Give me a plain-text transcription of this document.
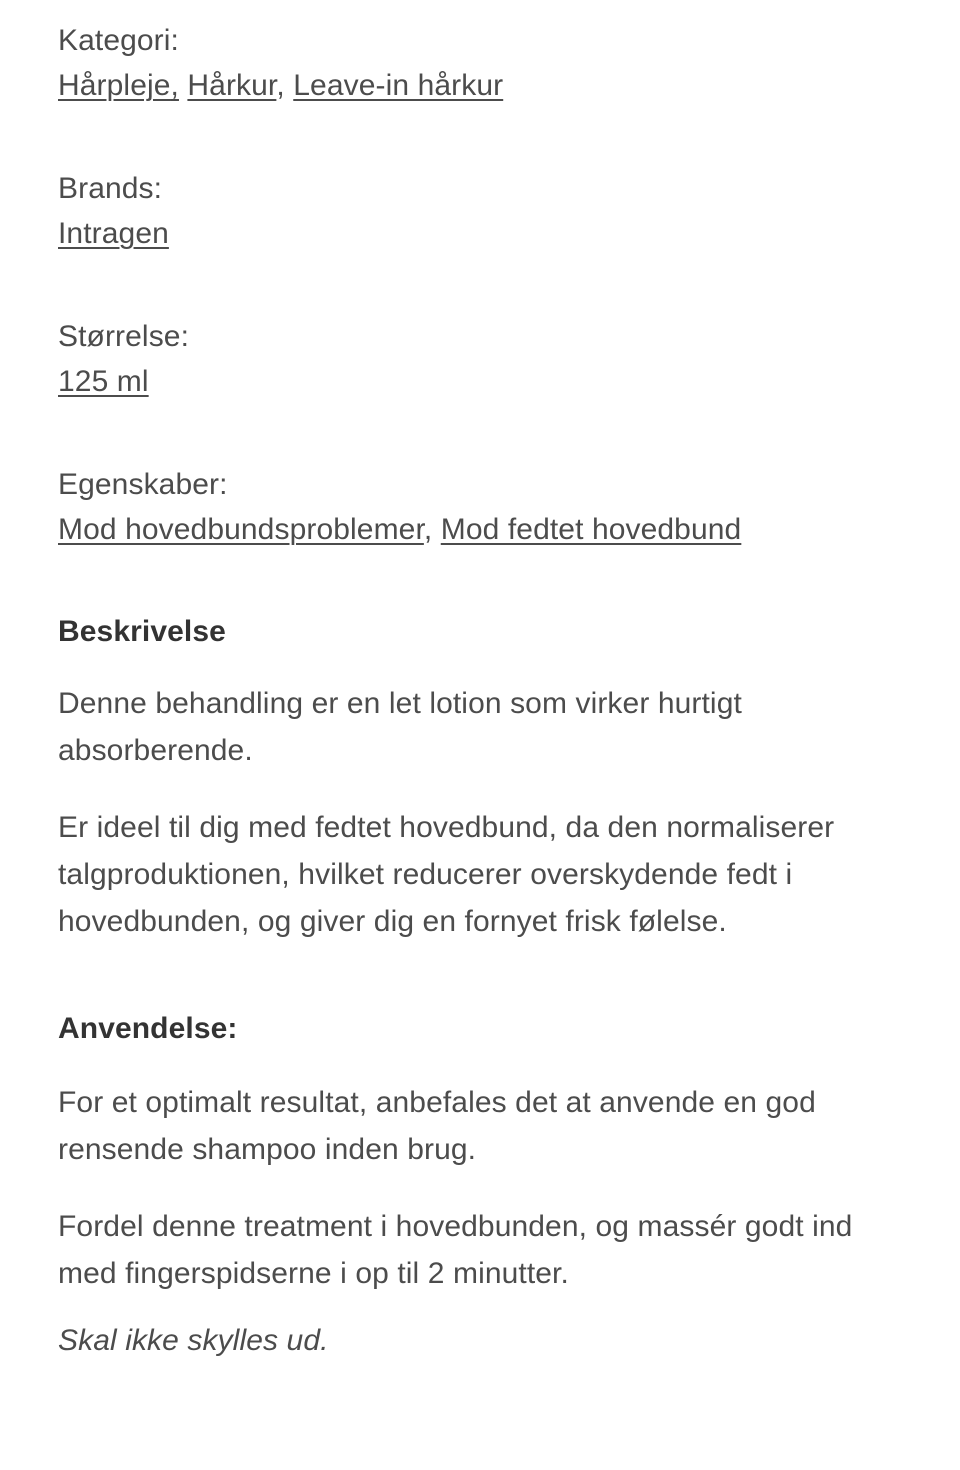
Kategori:
Hårpleje, Hårkur, Leave-in hårkur
Brands:
Intragen
Størrelse:
125 ml
Egenskaber:
Mod hovedbundsproblemer, Mod fedtet hovedbund
Beskrivelse

Denne behandling er en let lotion som virker hurtigt absorberende.

Er ideel til dig med fedtet hovedbund, da den normaliserer talgproduktionen, hvilket reducerer overskydende fedt i hovedbunden, og giver dig en fornyet frisk følelse.

Anvendelse:

For et optimalt resultat, anbefales det at anvende en god rensende shampoo inden brug.

Fordel denne treatment i hovedbunden, og massér godt ind med fingerspidserne i op til 2 minutter.

Skal ikke skylles ud.
